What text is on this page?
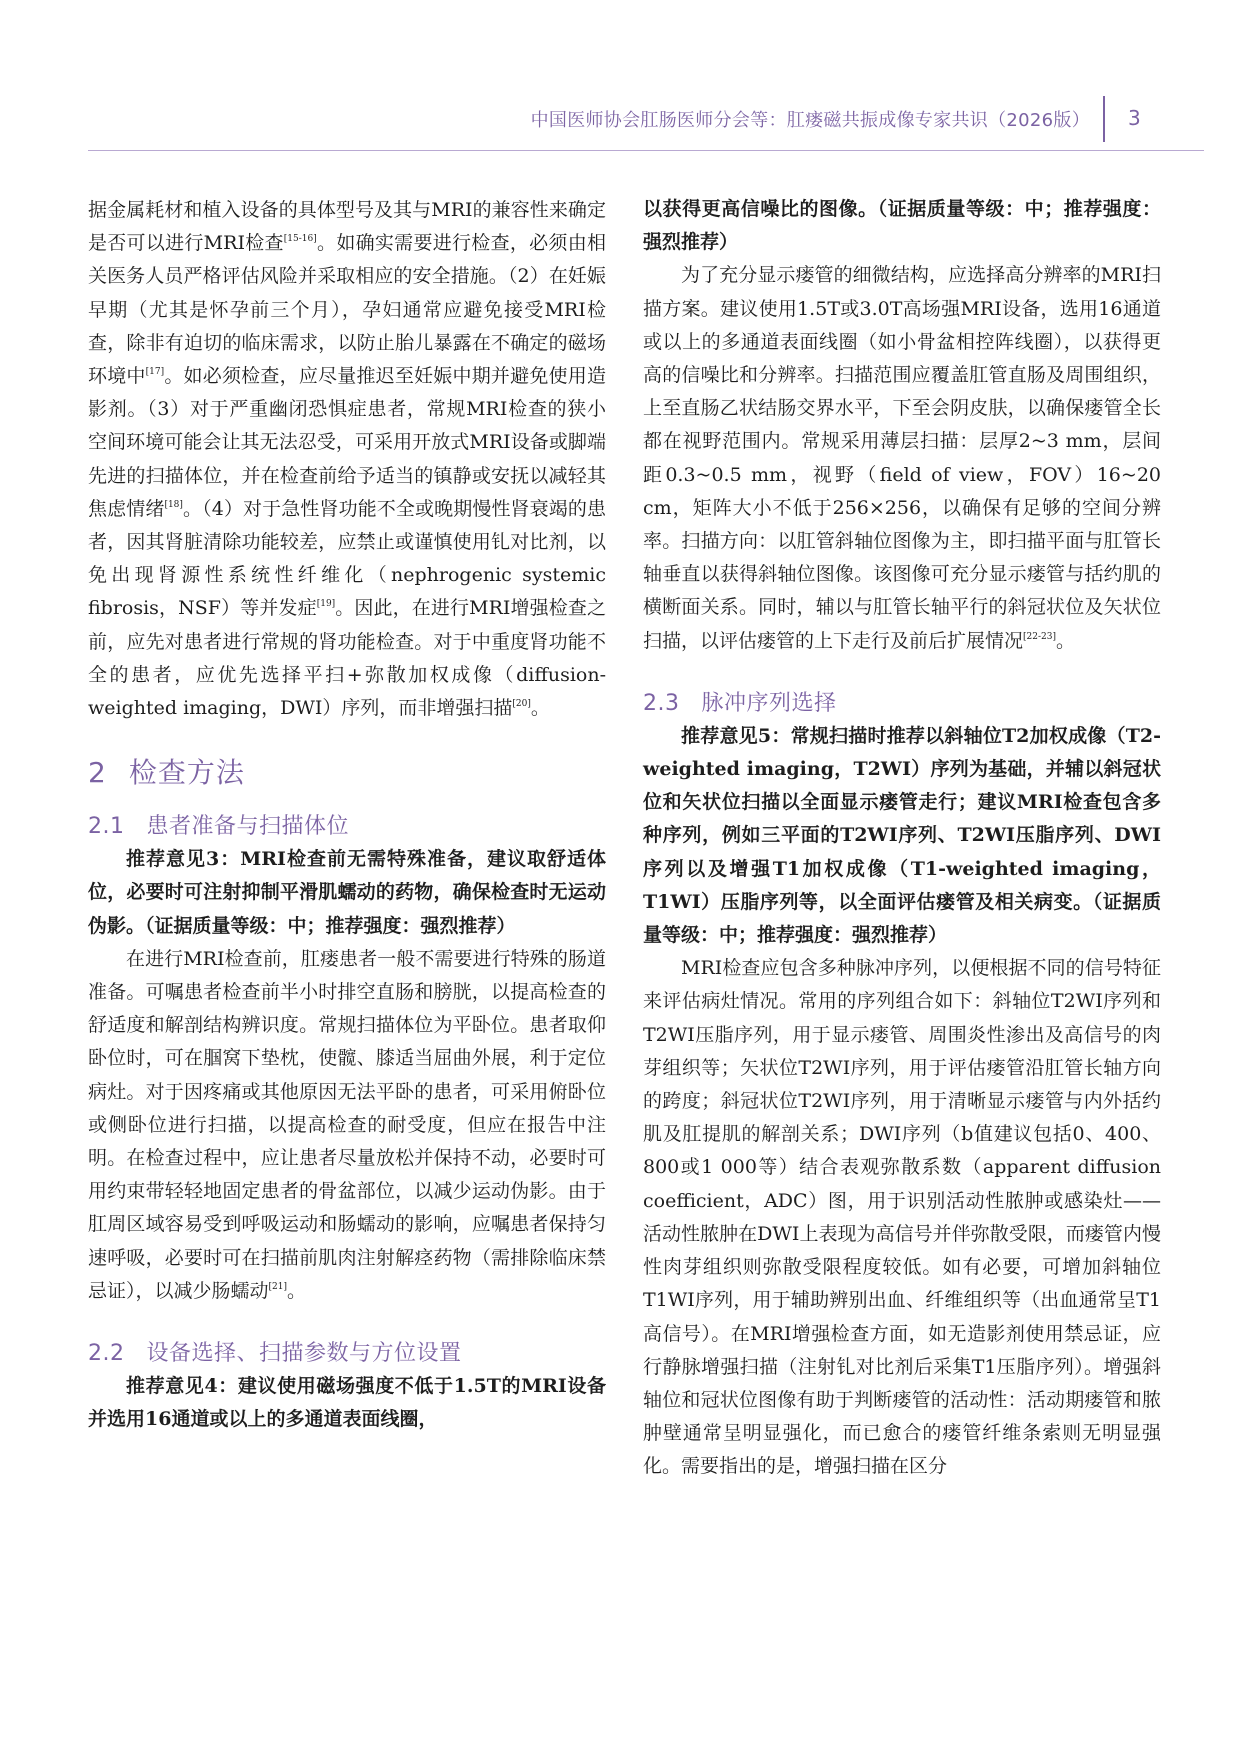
中国医师协会肛肠医师分会等：肛瘘磁共振成像专家共识（2026版） 3

据金属耗材和植入设备的具体型号及其与MRI的兼容性来确定是否可以进行MRI检查[15-16]。如确实需要进行检查，必须由相关医务人员严格评估风险并采取相应的安全措施。（2）在妊娠早期（尤其是怀孕前三个月），孕妇通常应避免接受MRI检查，除非有迫切的临床需求，以防止胎儿暴露在不确定的磁场环境中[17]。如必须检查，应尽量推迟至妊娠中期并避免使用造影剂。（3）对于严重幽闭恐惧症患者，常规MRI检查的狭小空间环境可能会让其无法忍受，可采用开放式MRI设备或脚端先进的扫描体位，并在检查前给予适当的镇静或安抚以减轻其焦虑情绪[18]。（4）对于急性肾功能不全或晚期慢性肾衰竭的患者，因其肾脏清除功能较差，应禁止或谨慎使用钆对比剂，以免出现肾源性系统性纤维化（nephrogenic systemic fibrosis，NSF）等并发症[19]。因此，在进行MRI增强检查之前，应先对患者进行常规的肾功能检查。对于中重度肾功能不全的患者，应优先选择平扫+弥散加权成像（diffusion-weighted imaging，DWI）序列，而非增强扫描[20]。

2 检查方法
2.1 患者准备与扫描体位

推荐意见3：MRI检查前无需特殊准备，建议取舒适体位，必要时可注射抑制平滑肌蠕动的药物，确保检查时无运动伪影。（证据质量等级：中；推荐强度：强烈推荐）

在进行MRI检查前，肛瘘患者一般不需要进行特殊的肠道准备。可嘱患者检查前半小时排空直肠和膀胱，以提高检查的舒适度和解剖结构辨识度。常规扫描体位为平卧位。患者取仰卧位时，可在腘窝下垫枕，使髋、膝适当屈曲外展，利于定位病灶。对于因疼痛或其他原因无法平卧的患者，可采用俯卧位或侧卧位进行扫描，以提高检查的耐受度，但应在报告中注明。在检查过程中，应让患者尽量放松并保持不动，必要时可用约束带轻轻地固定患者的骨盆部位，以减少运动伪影。由于肛周区域容易受到呼吸运动和肠蠕动的影响，应嘱患者保持匀速呼吸，必要时可在扫描前肌肉注射解痉药物（需排除临床禁忌证），以减少肠蠕动[21]。

2.2 设备选择、扫描参数与方位设置

推荐意见4：建议使用磁场强度不低于1.5T的MRI设备并选用16通道或以上的多通道表面线圈，

以获得更高信噪比的图像。（证据质量等级：中；推荐强度：强烈推荐）

为了充分显示瘘管的细微结构，应选择高分辨率的MRI扫描方案。建议使用1.5T或3.0T高场强MRI设备，选用16通道或以上的多通道表面线圈（如小骨盆相控阵线圈），以获得更高的信噪比和分辨率。扫描范围应覆盖肛管直肠及周围组织，上至直肠乙状结肠交界水平，下至会阴皮肤，以确保瘘管全长都在视野范围内。常规采用薄层扫描：层厚2~3 mm，层间距0.3~0.5 mm，视野（field of view，FOV）16~20 cm，矩阵大小不低于256×256，以确保有足够的空间分辨率。扫描方向：以肛管斜轴位图像为主，即扫描平面与肛管长轴垂直以获得斜轴位图像。该图像可充分显示瘘管与括约肌的横断面关系。同时，辅以与肛管长轴平行的斜冠状位及矢状位扫描，以评估瘘管的上下走行及前后扩展情况[22-23]。

2.3 脉冲序列选择

推荐意见5：常规扫描时推荐以斜轴位T2加权成像（T2-weighted imaging，T2WI）序列为基础，并辅以斜冠状位和矢状位扫描以全面显示瘘管走行；建议MRI检查包含多种序列，例如三平面的T2WI序列、T2WI压脂序列、DWI序列以及增强T1加权成像（T1-weighted imaging，T1WI）压脂序列等，以全面评估瘘管及相关病变。（证据质量等级：中；推荐强度：强烈推荐）

MRI检查应包含多种脉冲序列，以便根据不同的信号特征来评估病灶情况。常用的序列组合如下：斜轴位T2WI序列和T2WI压脂序列，用于显示瘘管、周围炎性渗出及高信号的肉芽组织等；矢状位T2WI序列，用于评估瘘管沿肛管长轴方向的跨度；斜冠状位T2WI序列，用于清晰显示瘘管与内外括约肌及肛提肌的解剖关系；DWI序列（b值建议包括0、400、800或1 000等）结合表观弥散系数（apparent diffusion coefficient，ADC）图，用于识别活动性脓肿或感染灶——活动性脓肿在DWI上表现为高信号并伴弥散受限，而瘘管内慢性肉芽组织则弥散受限程度较低。如有必要，可增加斜轴位T1WI序列，用于辅助辨别出血、纤维组织等（出血通常呈T1高信号）。在MRI增强检查方面，如无造影剂使用禁忌证，应行静脉增强扫描（注射钆对比剂后采集T1压脂序列）。增强斜轴位和冠状位图像有助于判断瘘管的活动性：活动期瘘管和脓肿壁通常呈明显强化，而已愈合的瘘管纤维条索则无明显强化。需要指出的是，增强扫描在区分
